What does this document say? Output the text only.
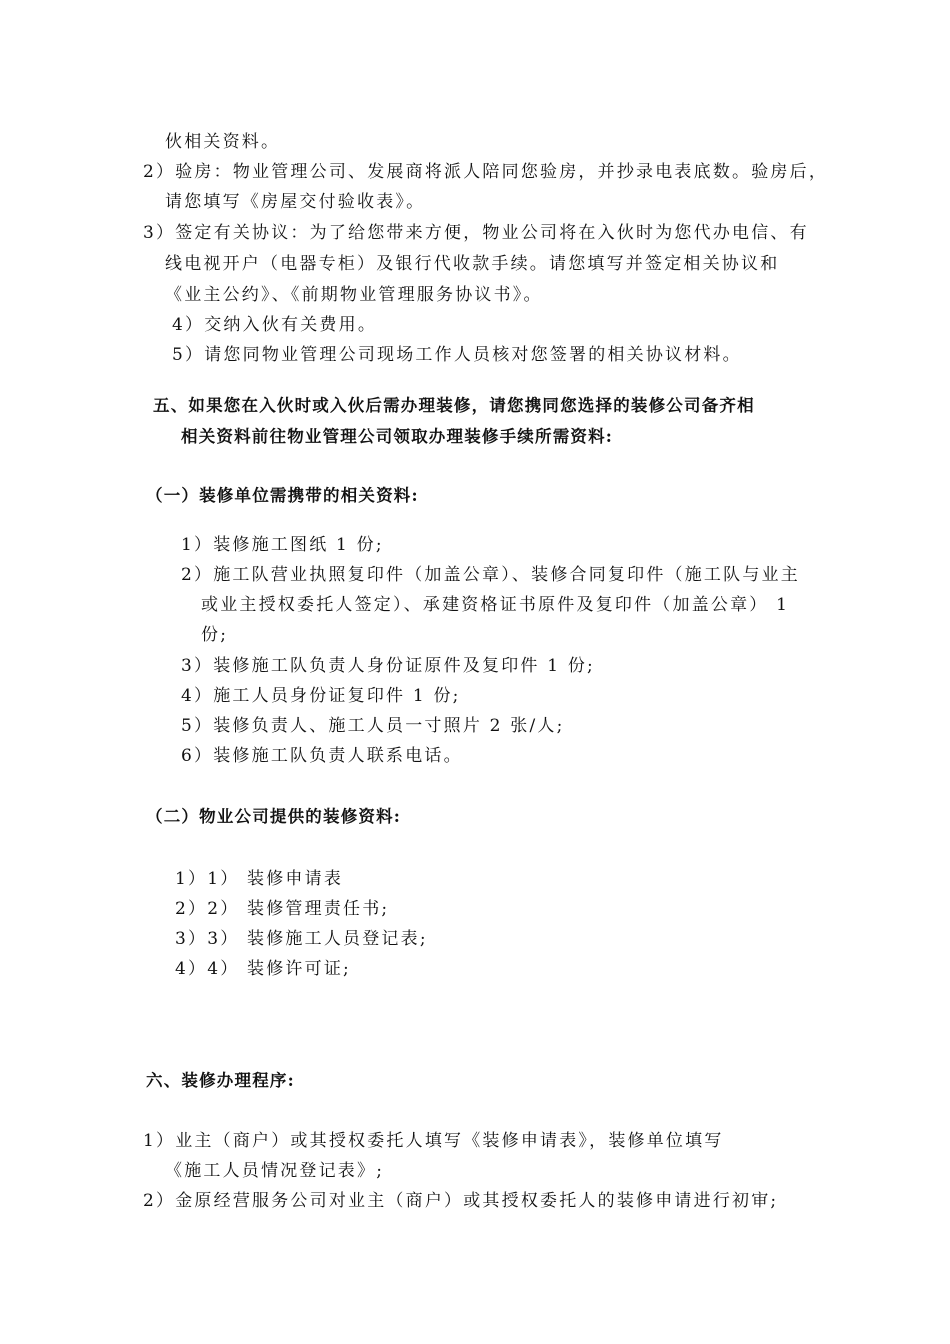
伙相关资料。
2）验房：物业管理公司、发展商将派人陪同您验房，并抄录电表底数。验房后，
请您填写《房屋交付验收表》。
3）签定有关协议：为了给您带来方便，物业公司将在入伙时为您代办电信、有
线电视开户（电器专柜）及银行代收款手续。请您填写并签定相关协议和
《业主公约》、《前期物业管理服务协议书》。
4）交纳入伙有关费用。
5）请您同物业管理公司现场工作人员核对您签署的相关协议材料。
五、如果您在入伙时或入伙后需办理装修，请您携同您选择的装修公司备齐相
相关资料前往物业管理公司领取办理装修手续所需资料:
（一）装修单位需携带的相关资料:
1）装修施工图纸 1 份;
2）施工队营业执照复印件（加盖公章）、装修合同复印件（施工队与业主
或业主授权委托人签定）、承建资格证书原件及复印件（加盖公章） 1
份;
3）装修施工队负责人身份证原件及复印件 1 份;
4）施工人员身份证复印件 1 份;
5）装修负责人、施工人员一寸照片 2 张/人;
6）装修施工队负责人联系电话。
（二）物业公司提供的装修资料:
1）1） 装修申请表
2）2） 装修管理责任书;
3）3） 装修施工人员登记表;
4）4） 装修许可证;
六、装修办理程序:
1）业主（商户）或其授权委托人填写《装修申请表》，装修单位填写
《施工人员情况登记表》;
2）金原经营服务公司对业主（商户）或其授权委托人的装修申请进行初审;
